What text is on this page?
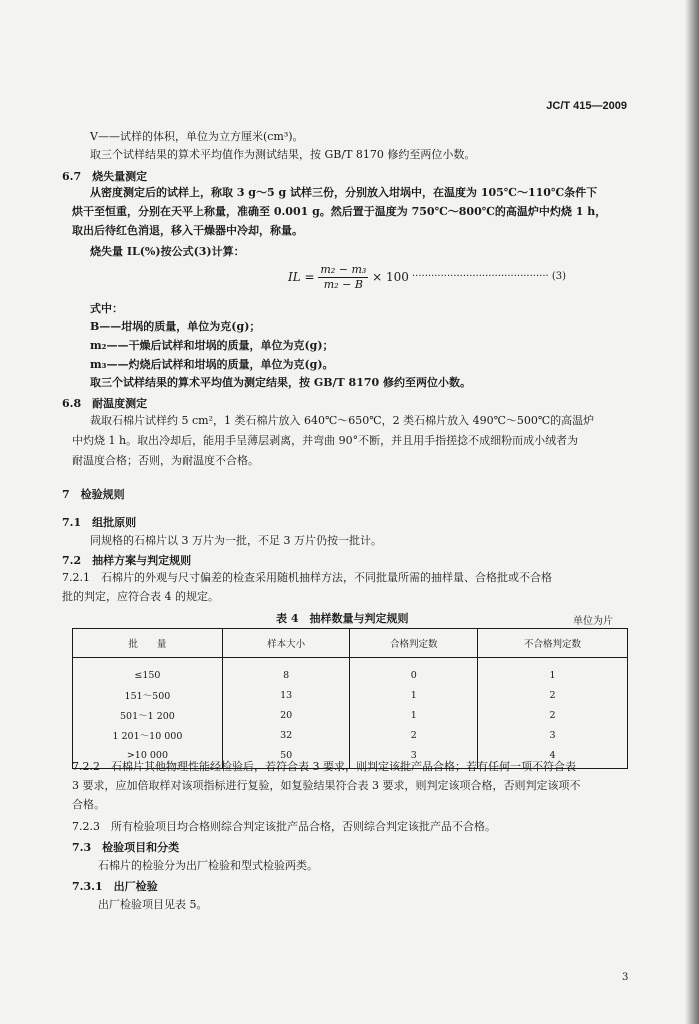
JC/T 415—2009
V——试样的体积，单位为立方厘米(cm³)。
取三个试样结果的算术平均值作为测试结果，按 GB/T 8170 修约至两位小数。
6.7　烧失量测定
从密度测定后的试样上，称取 3 g～5 g 试样三份，分别放入坩埚中，在温度为 105℃～110℃条件下
烘干至恒重，分别在天平上称量，准确至 0.001 g。然后置于温度为 750℃～800℃的高温炉中灼烧 1 h，
取出后待红色消退，移入干燥器中冷却，称量。
烧失量 IL(%)按公式(3)计算：
IL = $\frac{\text{m₂ − m₃}}{\text{m₂ − B}} \times 100$ ··········································· (3)
式中：
B——坩埚的质量，单位为克(g)；
m₂——干燥后试样和坩埚的质量，单位为克(g)；
m₃——灼烧后试样和坩埚的质量，单位为克(g)。
取三个试样结果的算术平均值为测定结果，按 GB/T 8170 修约至两位小数。
6.8　耐温度测定
裁取石棉片试样约 5 cm²，1 类石棉片放入 640℃～650℃，2 类石棉片放入 490℃～500℃的高温炉
中灼烧 1 h。取出冷却后，能用手呈薄层剥离，并弯曲 90°不断，并且用手指搓捻不成细粉而成小绒者为
耐温度合格；否则，为耐温度不合格。
7　检验规则
7.1　组批原则
同规格的石棉片以 3 万片为一批，不足 3 万片仍按一批计。
7.2　抽样方案与判定规则
7.2.1　石棉片的外观与尺寸偏差的检查采用随机抽样方法，不同批量所需的抽样量、合格批或不合格
批的判定，应符合表 4 的规定。
表 4　抽样数量与判定规则	单位为片
批　　量	样本大小	合格判定数	不合格判定数
≤150	8	0	1
151～500	13	1	2
501～1 200	20	1	2
1 201～10 000	32	2	3
>10 000	50	3	4
7.2.2　石棉片其他物理性能经检验后，若符合表 3 要求，则判定该批产品合格；若有任何一项不符合表
3 要求，应加倍取样对该项指标进行复验，如复验结果符合表 3 要求，则判定该项合格，否则判定该项不
合格。
7.2.3　所有检验项目均合格则综合判定该批产品合格，否则综合判定该批产品不合格。
7.3　检验项目和分类
石棉片的检验分为出厂检验和型式检验两类。
7.3.1　出厂检验
出厂检验项目见表 5。
3
